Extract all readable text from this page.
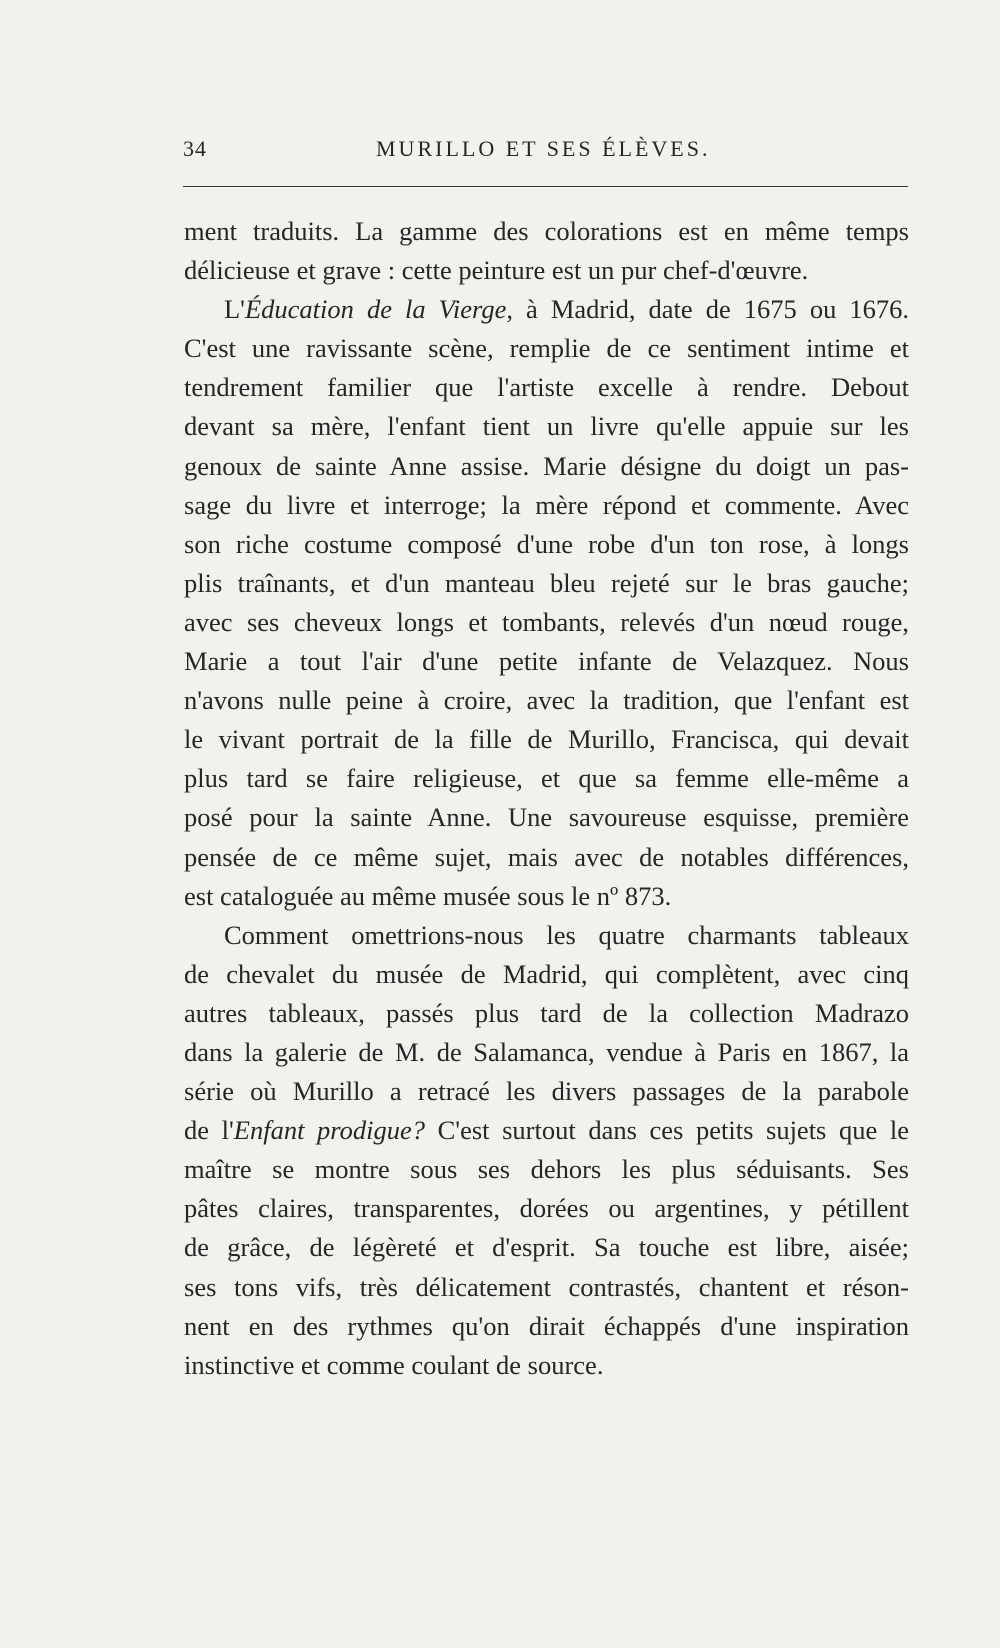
34	MURILLO ET SES ÉLÈVES.
ment traduits. La gamme des colorations est en même temps
délicieuse et grave : cette peinture est un pur chef-d'œuvre.
L'Éducation de la Vierge, à Madrid, date de 1675 ou 1676.
C'est une ravissante scène, remplie de ce sentiment intime et
tendrement familier que l'artiste excelle à rendre. Debout
devant sa mère, l'enfant tient un livre qu'elle appuie sur les
genoux de sainte Anne assise. Marie désigne du doigt un pas-
sage du livre et interroge; la mère répond et commente. Avec
son riche costume composé d'une robe d'un ton rose, à longs
plis traînants, et d'un manteau bleu rejeté sur le bras gauche;
avec ses cheveux longs et tombants, relevés d'un nœud rouge,
Marie a tout l'air d'une petite infante de Velazquez. Nous
n'avons nulle peine à croire, avec la tradition, que l'enfant est
le vivant portrait de la fille de Murillo, Francisca, qui devait
plus tard se faire religieuse, et que sa femme elle-même a
posé pour la sainte Anne. Une savoureuse esquisse, première
pensée de ce même sujet, mais avec de notables différences,
est cataloguée au même musée sous le nº 873.
Comment omettrions-nous les quatre charmants tableaux
de chevalet du musée de Madrid, qui complètent, avec cinq
autres tableaux, passés plus tard de la collection Madrazo
dans la galerie de M. de Salamanca, vendue à Paris en 1867, la
série où Murillo a retracé les divers passages de la parabole
de l'Enfant prodigue? C'est surtout dans ces petits sujets que le
maître se montre sous ses dehors les plus séduisants. Ses
pâtes claires, transparentes, dorées ou argentines, y pétillent
de grâce, de légèreté et d'esprit. Sa touche est libre, aisée;
ses tons vifs, très délicatement contrastés, chantent et réson-
nent en des rythmes qu'on dirait échappés d'une inspiration
instinctive et comme coulant de source.
